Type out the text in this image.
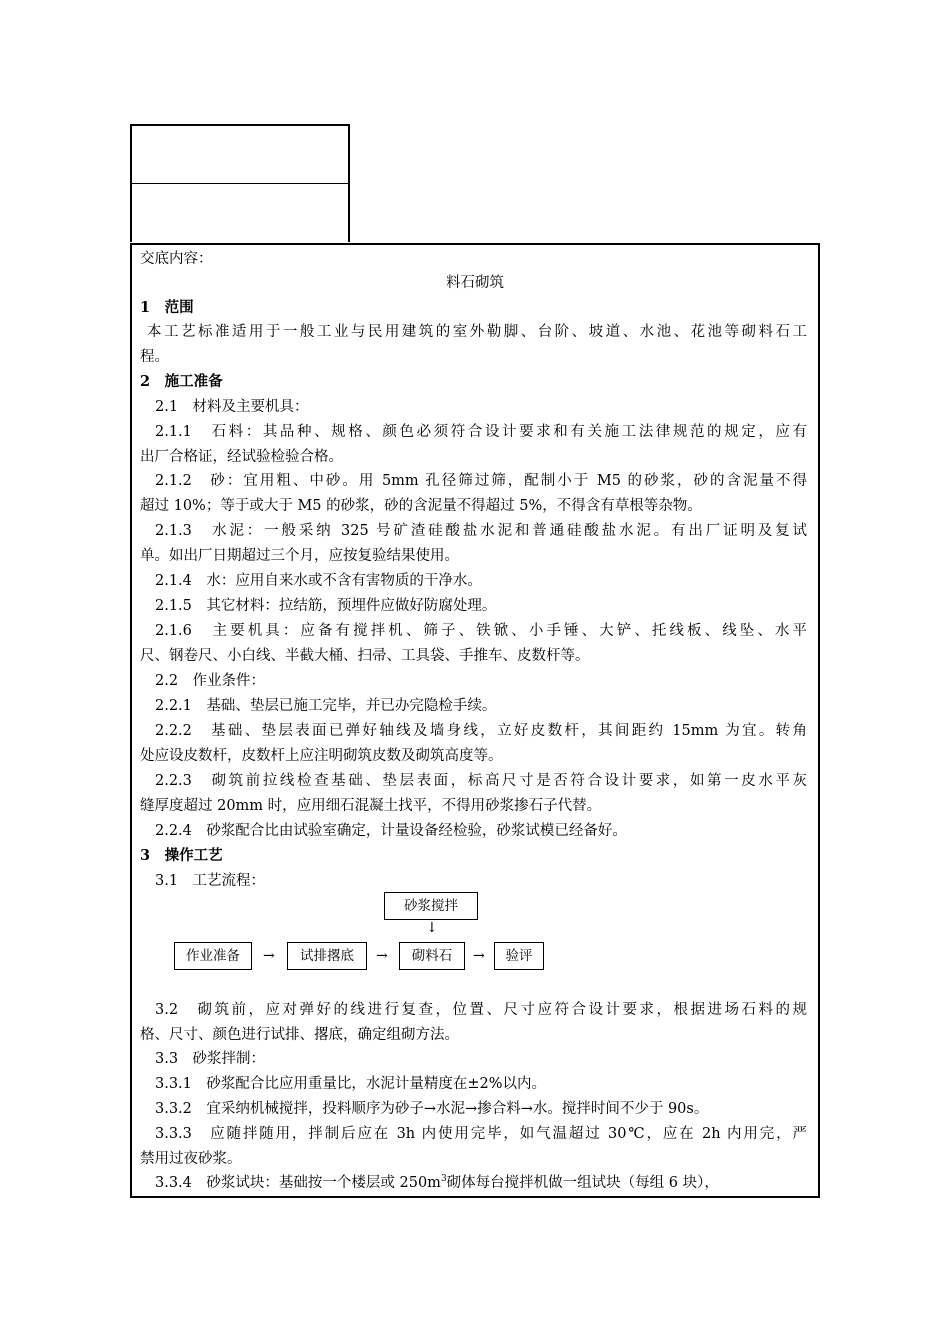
交底内容：
料石砌筑
1　范围
本工艺标准适用于一般工业与民用建筑的室外勒脚、台阶、坡道、水池、花池等砌料石工
程。
2　施工准备
2.1　材料及主要机具：
2.1.1　石料：其品种、规格、颜色必须符合设计要求和有关施工法律规范的规定，应有
出厂合格证，经试验检验合格。
2.1.2　砂：宜用粗、中砂。用 5mm 孔径筛过筛，配制小于 M5 的砂浆，砂的含泥量不得
超过 10%；等于或大于 M5 的砂浆，砂的含泥量不得超过 5%，不得含有草根等杂物。
2.1.3　水泥：一般采纳 325 号矿渣硅酸盐水泥和普通硅酸盐水泥。有出厂证明及复试
单。如出厂日期超过三个月，应按复验结果使用。
2.1.4　水：应用自来水或不含有害物质的干净水。
2.1.5　其它材料：拉结筋，预埋件应做好防腐处理。
2.1.6　主要机具：应备有搅拌机、筛子、铁锨、小手锤、大铲、托线板、线坠、水平
尺、钢卷尺、小白线、半截大桶、扫帚、工具袋、手推车、皮数杆等。
2.2　作业条件：
2.2.1　基础、垫层已施工完毕，并已办完隐检手续。
2.2.2　基础、垫层表面已弹好轴线及墙身线，立好皮数杆，其间距约 15mm 为宜。转角
处应设皮数杆，皮数杆上应注明砌筑皮数及砌筑高度等。
2.2.3　砌筑前拉线检查基础、垫层表面，标高尺寸是否符合设计要求，如第一皮水平灰
缝厚度超过 20mm 时，应用细石混凝土找平，不得用砂浆掺石子代替。
2.2.4　砂浆配合比由试验室确定，计量设备经检验，砂浆试模已经备好。
3　操作工艺
3.1　工艺流程：
砂浆搅拌
↓
作业准备	→	试排撂底	→	砌料石	→	验评
3.2　砌筑前，应对弹好的线进行复查，位置、尺寸应符合设计要求，根据进场石料的规
格、尺寸、颜色进行试排、撂底，确定组砌方法。
3.3　砂浆拌制：
3.3.1　砂浆配合比应用重量比，水泥计量精度在±2%以内。
3.3.2　宜采纳机械搅拌，投料顺序为砂子→水泥→掺合料→水。搅拌时间不少于 90s。
3.3.3　应随拌随用，拌制后应在 3h 内使用完毕，如气温超过 30℃，应在 2h 内用完，严
禁用过夜砂浆。
3.3.4　砂浆试块：基础按一个楼层或 $250m^3$砌体每台搅拌机做一组试块（每组 6 块），
